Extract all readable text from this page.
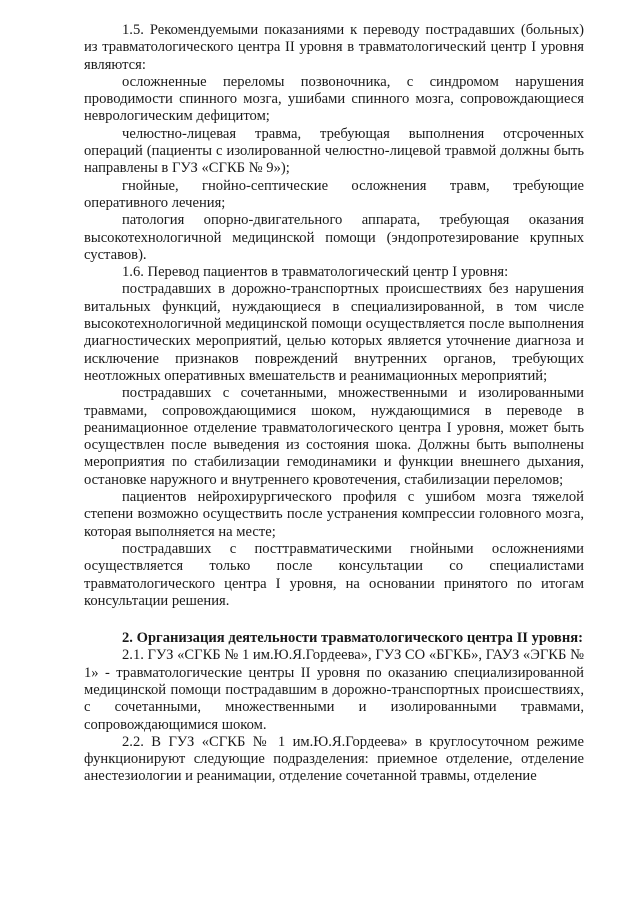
1.5. Рекомендуемыми показаниями к переводу пострадавших (больных) из травматологического центра II уровня в травматологический центр I уровня являются:

осложненные переломы позвоночника, с синдромом нарушения проводимости спинного мозга, ушибами спинного мозга, сопровождающиеся неврологическим дефицитом;

челюстно-лицевая травма, требующая выполнения отсроченных операций (пациенты с изолированной челюстно-лицевой травмой должны быть направлены в ГУЗ «СГКБ № 9»);

гнойные, гнойно-септические осложнения травм, требующие оперативного лечения;

патология опорно-двигательного аппарата, требующая оказания высокотехнологичной медицинской помощи (эндопротезирование крупных суставов).

1.6. Перевод пациентов в травматологический центр I уровня:

пострадавших в дорожно-транспортных происшествиях без нарушения витальных функций, нуждающиеся в специализированной, в том числе высокотехнологичной медицинской помощи осуществляется после выполнения диагностических мероприятий, целью которых является уточнение диагноза и исключение признаков повреждений внутренних органов, требующих неотложных оперативных вмешательств и реанимационных мероприятий;

пострадавших с сочетанными, множественными и изолированными травмами, сопровождающимися шоком, нуждающимися в переводе в реанимационное отделение травматологического центра I уровня, может быть осуществлен после выведения из состояния шока. Должны быть выполнены мероприятия по стабилизации гемодинамики и функции внешнего дыхания, остановке наружного и внутреннего кровотечения, стабилизации переломов;

пациентов нейрохирургического профиля с ушибом мозга тяжелой степени возможно осуществить после устранения компрессии головного мозга, которая выполняется на месте;

пострадавших с посттравматическими гнойными осложнениями осуществляется только после консультации со специалистами травматологического центра I уровня, на основании принятого по итогам консультации решения.

2. Организация деятельности травматологического центра II уровня:

2.1. ГУЗ «СГКБ № 1 им.Ю.Я.Гордеева», ГУЗ СО «БГКБ», ГАУЗ «ЭГКБ № 1» - травматологические центры II уровня по оказанию специализированной медицинской помощи пострадавшим в дорожно-транспортных происшествиях, с сочетанными, множественными и изолированными травмами, сопровождающимися шоком.

2.2. В ГУЗ «СГКБ № 1 им.Ю.Я.Гордеева» в круглосуточном режиме функционируют следующие подразделения: приемное отделение, отделение анестезиологии и реанимации, отделение сочетанной травмы, отделение
